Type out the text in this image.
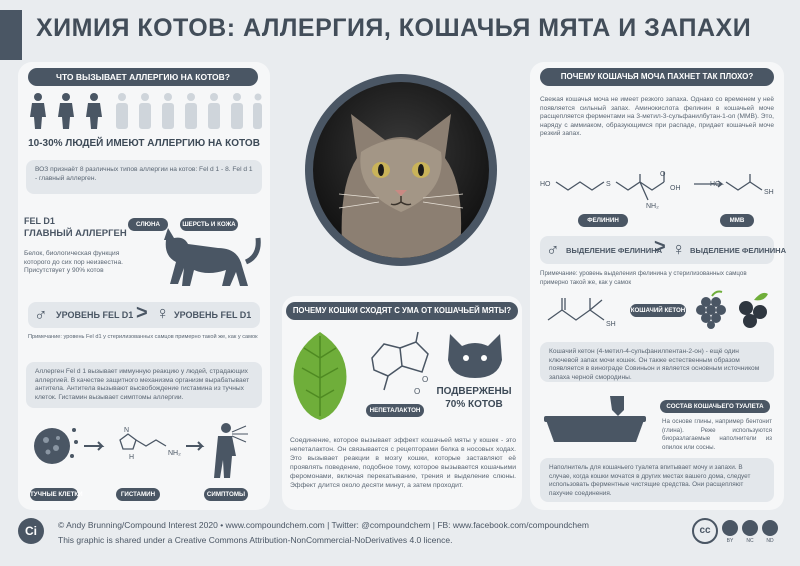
ХИМИЯ КОТОВ: АЛЛЕРГИЯ, КОШАЧЬЯ МЯТА И ЗАПАХИ
ЧТО ВЫЗЫВАЕТ АЛЛЕРГИЮ НА КОТОВ?
10-30% ЛЮДЕЙ ИМЕЮТ АЛЛЕРГИЮ НА КОТОВ
ВОЗ признаёт 8 различных типов аллергии на котов: Fel d 1 - 8. Fel d 1 - главный аллерген.
FEL D1
ГЛАВНЫЙ АЛЛЕРГЕН
Белок, биологическая функция которого до сих пор неизвестна. Присутствует у 90% котов
СЛЮНА	ШЕРСТЬ И КОЖА
♂ УРОВЕНЬ FEL D1 > ♀ УРОВЕНЬ FEL D1
Примечание: уровень Fel d1 у стерилизованных самцов примерно такой же, как у самок
Аллерген Fel d 1 вызывает иммунную реакцию у людей, страдающих аллергией. В качестве защитного механизма организм вырабатывает антитела. Антитела вызывают высвобождение гистамина из тучных клеток. Гистамин вызывает симптомы аллергии.
N
H
NH₂
ТУЧНЫЕ КЛЕТКИ	ГИСТАМИН	СИМПТОМЫ
ПОЧЕМУ КОШКИ СХОДЯТ С УМА ОТ КОШАЧЬЕЙ МЯТЫ?
O
O
НЕПЕТАЛАКТОН
ПОДВЕРЖЕНЫ
70% КОТОВ
Соединение, которое вызывает эффект кошачьей мяты у кошек - это непеталактон. Он связывается с рецепторами белка в носовых ходах. Это вызывает реакции в мозгу кошки, которые заставляют её проявлять поведение, подобное тому, которое вызывается кошачьими феромонами, включая перекатывание, трения и выделение слюны. Эффект длится около десяти минут, а затем проходит.
ПОЧЕМУ КОШАЧЬЯ МОЧА ПАХНЕТ ТАК ПЛОХО?
Свежая кошачья моча не имеет резкого запаха. Однако со временем у неё появляется сильный запах. Аминокислота фелинин в кошачьей моче расщепляется ферментами на 3-метил-3-сульфанилбутан-1-ол (MMB). Это, наряду с аммиаком, образующимся при распаде, придает кошачьей моче резкий запах.
HO	S
OH
NH₂
O
HO
SH
ФЕЛИНИН	MMB
♂ ВЫДЕЛЕНИЕ ФЕЛИНИНА
> ♀ ВЫДЕЛЕНИЕ ФЕЛИНИНА
Примечание: уровень выделения фелинина у стерилизованных самцов примерно такой же, как у самок
SH
КОШАЧИЙ КЕТОН
Кошачий кетон (4-метил-4-сульфанилпентан-2-он) - ещё один ключевой запах мочи кошек. Он также естественным образом появляется в винограде Совиньон и является основным источником запаха черной смородины.
СОСТАВ КОШАЧЬЕГО ТУАЛЕТА
На основе глины, например бентонит (глина). Реже используются биоразлагаемые наполнители из опилок или сосны.
Наполнитель для кошачьего туалета впитывает мочу и запахи. В случае, когда кошки мочатся в других местах вашего дома, следует использовать ферментные чистящие средства. Они расщепляют пахучие соединения.
Ci	© Andy Brunning/Compound Interest 2020 • www.compoundchem.com | Twitter: @compoundchem | FB: www.facebook.com/compoundchem
This graphic is shared under a Creative Commons Attribution-NonCommercial-NoDerivatives 4.0 licence.
cc
BY	NC	ND
